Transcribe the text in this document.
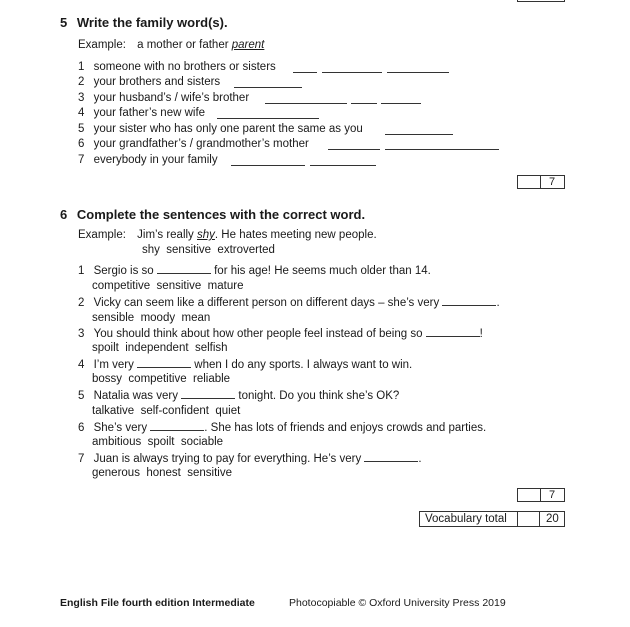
5 Write the family word(s).
Example: a mother or father parent
1 someone with no brothers or sisters
2 your brothers and sisters
3 your husband’s / wife’s brother
4 your father’s new wife
5 your sister who has only one parent the same as you
6 your grandfather’s / grandmother’s mother
7 everybody in your family
7
6 Complete the sentences with the correct word.
Example: Jim’s really shy. He hates meeting new people.
shy  sensitive  extroverted
1 Sergio is so	for his age! He seems much older than 14.
competitive  sensitive  mature
2 Vicky can seem like a different person on different days – she’s very	.
sensible  moody  mean
3 You should think about how other people feel instead of being so	!
spoilt  independent  selfish
4 I’m very	when I do any sports. I always want to win.
bossy  competitive  reliable
5 Natalia was very	tonight. Do you think she’s OK?
talkative  self-confident  quiet
6 She’s very	. She has lots of friends and enjoys crowds and parties.
ambitious  spoilt  sociable
7 Juan is always trying to pay for everything. He’s very	.
generous  honest  sensitive
7
Vocabulary total	20
English File fourth edition Intermediate	Photocopiable © Oxford University Press 2019
